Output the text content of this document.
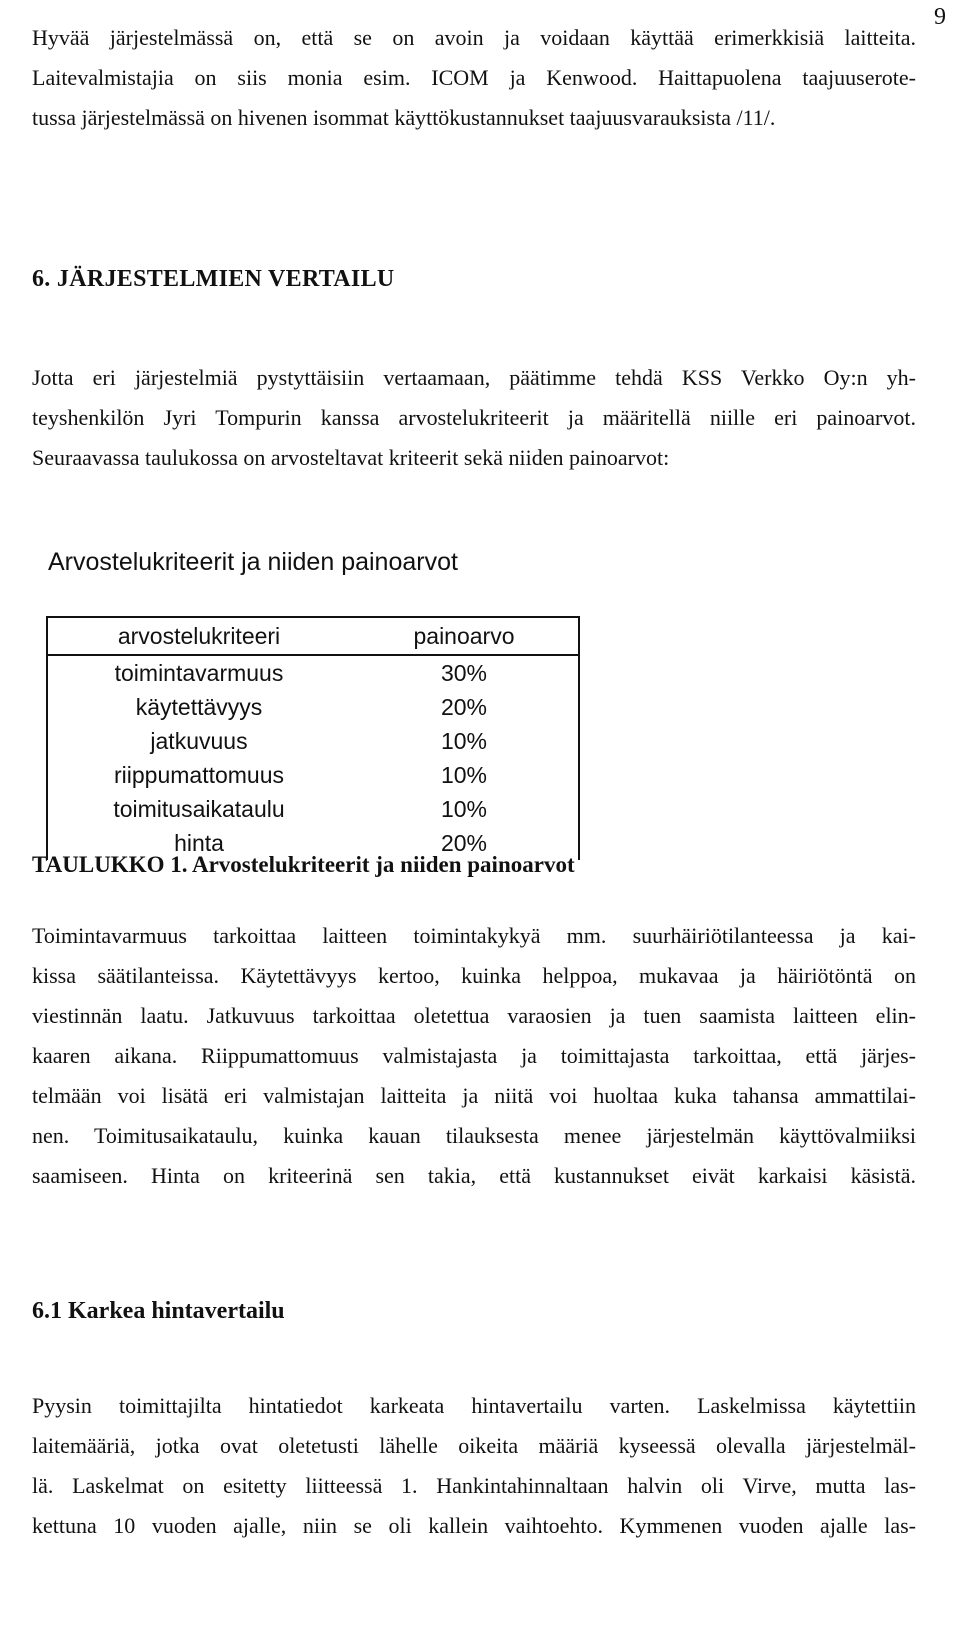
9

Hyvää järjestelmässä on, että se on avoin ja voidaan käyttää erimerkkisiä laitteita.
Laitevalmistajia on siis monia esim. ICOM ja Kenwood. Haittapuolena taajuuserote-
tussa järjestelmässä on hivenen isommat käyttökustannukset taajuusvarauksista /11/.

6. JÄRJESTELMIEN VERTAILU

Jotta eri järjestelmiä pystyttäisiin vertaamaan, päätimme tehdä KSS Verkko Oy:n yh-
teyshenkilön Jyri Tompurin kanssa arvostelukriteerit ja määritellä niille eri painoarvot.
Seuraavassa taulukossa on arvosteltavat kriteerit sekä niiden painoarvot:

Arvostelukriteerit ja niiden painoarvot
arvostelukriteeri	painoarvo
toimintavarmuus	30%
käytettävyys	20%
jatkuvuus	10%
riippumattomuus	10%
toimitusaikataulu	10%
hinta	20%
TAULUKKO 1. Arvostelukriteerit ja niiden painoarvot

Toimintavarmuus tarkoittaa laitteen toimintakykyä mm. suurhäiriötilanteessa ja kai-
kissa säätilanteissa. Käytettävyys kertoo, kuinka helppoa, mukavaa ja häiriötöntä on
viestinnän laatu. Jatkuvuus tarkoittaa oletettua varaosien ja tuen saamista laitteen elin-
kaaren aikana. Riippumattomuus valmistajasta ja toimittajasta tarkoittaa, että järjes-
telmään voi lisätä eri valmistajan laitteita ja niitä voi huoltaa kuka tahansa ammattilai-
nen. Toimitusaikataulu, kuinka kauan tilauksesta menee järjestelmän käyttövalmiiksi
saamiseen. Hinta on kriteerinä sen takia, että kustannukset eivät karkaisi käsistä.

6.1 Karkea hintavertailu

Pyysin toimittajilta hintatiedot karkeata hintavertailu varten. Laskelmissa käytettiin
laitemääriä, jotka ovat oletetusti lähelle oikeita määriä kyseessä olevalla järjestelmäl-
lä. Laskelmat on esitetty liitteessä 1. Hankintahinnaltaan halvin oli Virve, mutta las-
kettuna 10 vuoden ajalle, niin se oli kallein vaihtoehto. Kymmenen vuoden ajalle las-
